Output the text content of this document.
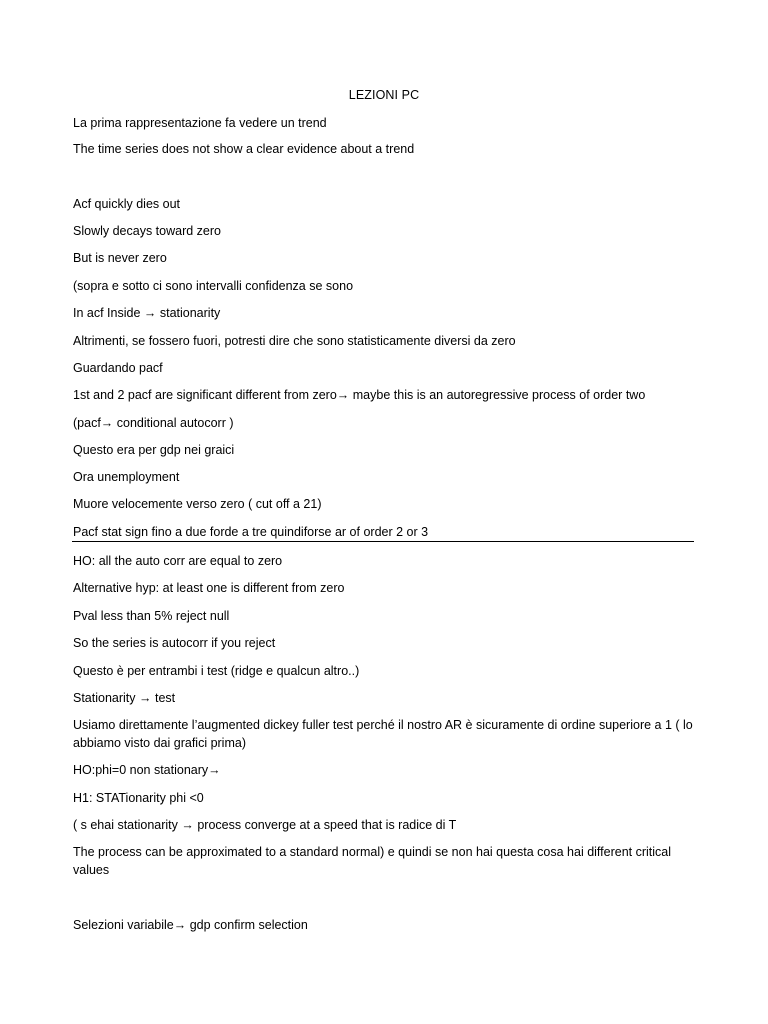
LEZIONI PC
La prima rappresentazione fa vedere un trend
The time series does not show a clear evidence about a trend
Acf quickly dies out
Slowly decays toward zero
But is never zero
(sopra e sotto ci sono intervalli confidenza se sono
In acf Inside → stationarity
Altrimenti, se fossero fuori, potresti dire che sono statisticamente diversi da zero
Guardando pacf
1st and 2 pacf are significant different from zero→ maybe this is an autoregressive process of order two
(pacf→ conditional autocorr )
Questo era per gdp nei graici
Ora unemployment
Muore velocemente verso zero ( cut off a 21)
Pacf stat sign fino a due forde a tre quindiforse ar of order 2 or 3
HO: all the auto corr are equal to zero
Alternative hyp: at least one is different from zero
Pval less than 5% reject null
So the series is autocorr if you reject
Questo è per entrambi i test (ridge e qualcun altro..)
Stationarity → test
Usiamo direttamente l’augmented dickey fuller test perché il nostro AR è sicuramente di ordine superiore a 1 ( lo abbiamo visto dai grafici prima)
HO:phi=0 non stationary→
H1: STATionarity phi <0
( s ehai stationarity → process converge at a speed that is radice di T
The process can be approximated to a standard normal) e quindi se non hai questa cosa hai different critical values
Selezioni variabile→ gdp confirm selection
